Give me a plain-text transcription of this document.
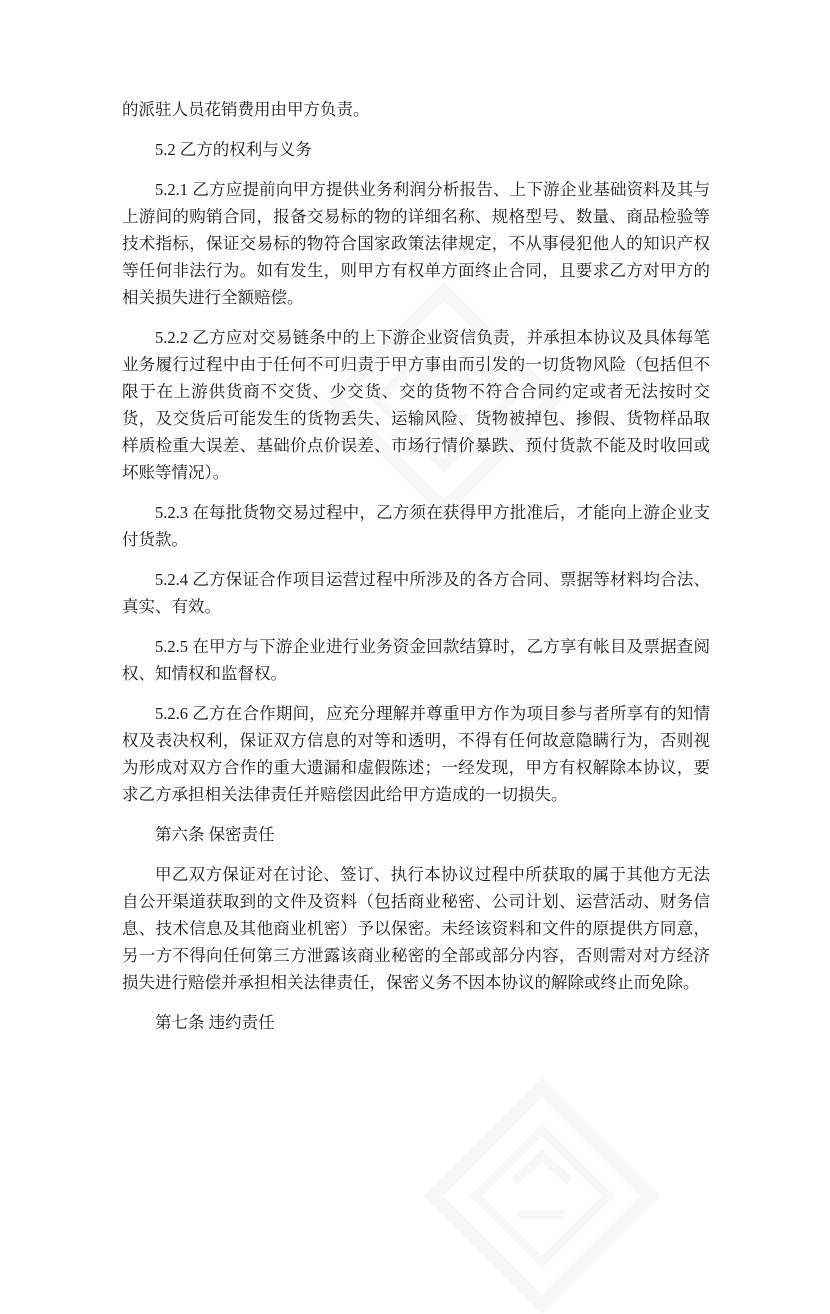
的派驻人员花销费用由甲方负责。

5.2 乙方的权利与义务

5.2.1 乙方应提前向甲方提供业务利润分析报告、上下游企业基础资料及其与上游间的购销合同，报备交易标的物的详细名称、规格型号、数量、商品检验等技术指标，保证交易标的物符合国家政策法律规定，不从事侵犯他人的知识产权等任何非法行为。如有发生，则甲方有权单方面终止合同，且要求乙方对甲方的相关损失进行全额赔偿。

5.2.2 乙方应对交易链条中的上下游企业资信负责，并承担本协议及具体每笔业务履行过程中由于任何不可归责于甲方事由而引发的一切货物风险（包括但不限于在上游供货商不交货、少交货、交的货物不符合合同约定或者无法按时交货，及交货后可能发生的货物丢失、运输风险、货物被掉包、掺假、货物样品取样质检重大误差、基础价点价误差、市场行情价暴跌、预付货款不能及时收回或坏账等情况）。

5.2.3 在每批货物交易过程中，乙方须在获得甲方批准后，才能向上游企业支付货款。

5.2.4 乙方保证合作项目运营过程中所涉及的各方合同、票据等材料均合法、真实、有效。

5.2.5 在甲方与下游企业进行业务资金回款结算时，乙方享有帐目及票据查阅权、知情权和监督权。

5.2.6 乙方在合作期间，应充分理解并尊重甲方作为项目参与者所享有的知情权及表决权利，保证双方信息的对等和透明，不得有任何故意隐瞒行为，否则视为形成对双方合作的重大遗漏和虚假陈述；一经发现，甲方有权解除本协议，要求乙方承担相关法律责任并赔偿因此给甲方造成的一切损失。

第六条 保密责任

甲乙双方保证对在讨论、签订、执行本协议过程中所获取的属于其他方无法自公开渠道获取到的文件及资料（包括商业秘密、公司计划、运营活动、财务信息、技术信息及其他商业机密）予以保密。未经该资料和文件的原提供方同意，另一方不得向任何第三方泄露该商业秘密的全部或部分内容，否则需对对方经济损失进行赔偿并承担相关法律责任，保密义务不因本协议的解除或终止而免除。

第七条 违约责任
